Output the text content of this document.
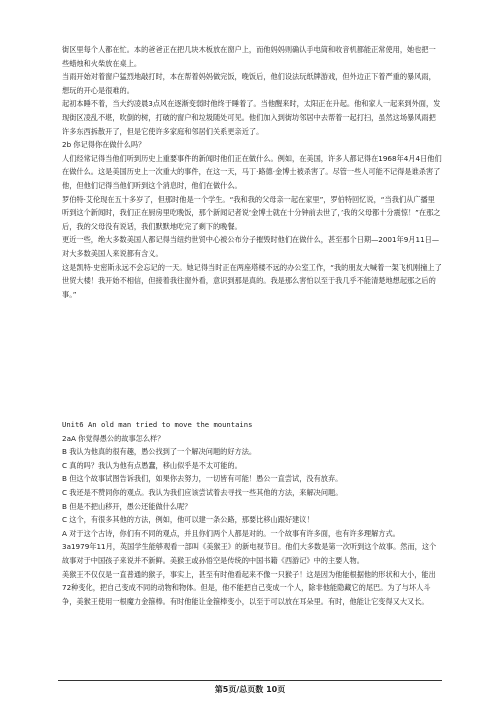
街区里每个人都在忙。本的爸爸正在把几块木板放在窗户上，而他妈妈则确认手电筒和收音机都能正常使用，她也把一些蜡烛和火柴放在桌上。

当雨开始对着窗户猛烈地敲打时，本在帮着妈妈做完饭，晚饭后，他们设法玩纸牌游戏，但外边正下着严重的暴风雨，想玩的开心是很难的。

起初本睡不着，当大约凌晨3点风在逐渐变弱时他终于睡着了。当他醒来时，太阳正在升起。他和家人一起来到外面，发现街区凌乱不堪，吹倒的树，打破的窗户和垃圾随处可见。他们加入到街坊邻居中去帮着一起打扫，虽然这场暴风雨把许多东西拆散开了，但是它使许多家庭和邻居们关系更亲近了。

2b 你记得你在做什么吗？

人们经常记得当他们听到历史上重要事件的新闻时他们正在做什么。例如，在美国，许多人都记得在1968年4月4日他们在做什么。这是美国历史上一次重大的事件，在这一天，马丁·路德·金博士被杀害了。尽管一些人可能不记得是谁杀害了他，但他们记得当他们听到这个消息时，他们在做什么。

罗伯特·艾伦现在五十多岁了，但那时他是一个学生。“我和我的父母亲一起在家里”，罗伯特回忆说，“当我们从广播里听到这个新闻时，我们正在厨房里吃晚饭，那个新闻记者说‘金博士就在十分钟前去世了，’我的父母都十分震惊！”在那之后，我的父母没有说话，我们默默地吃完了剩下的晚餐。

更近一些，绝大多数美国人都记得当纽约世贸中心被公布分子摧毁时他们在做什么，甚至那个日期—2001年9月11日—对大多数美国人来说都有含义。

这是凯特·史密斯永远不会忘记的一天。她记得当时正在两座塔楼不远的办公室工作，“我的朋友大喊着一架飞机刚撞上了世贸大楼！我开始不相信，但接着我往窗外看，意识到那是真的。我是那么害怕以至于我几乎不能清楚地想起那之后的事。”

Unit6 An old man tried to move the mountains

2aA 你觉得愚公的故事怎么样？

B 我认为他真的很有趣，愚公找到了一个解决问题的好方法。

C 真的吗？我认为他有点愚蠢，移山似乎是不太可能的。

B 但这个故事试图告诉我们，如果你去努力，一切皆有可能！愚公一直尝试，没有放弃。

C 我还是不赞同你的观点。我认为我们应该尝试着去寻找一些其他的方法，来解决问题。

B 但是不把山移开，愚公还能做什么呢？

C 这个，有很多其他的方法，例如，他可以建一条公路，那要比移山跟好建议！

A 对于这个古诗，你们有不同的观点，并且你们两个人都是对的。一个故事有许多面，也有许多理解方式。

3a1979年11月，英国学生能够观看一部叫《美猴王》的新电视节目。他们大多数是第一次听到这个故事。然而，这个故事对于中国孩子来说并不新鲜。美猴王或孙悟空是传统的中国书籍《西游记》中的主要人物。

美猴王不仅仅是一直普通的猴子，事实上，甚至有时他看起来不像一只猴子！这是因为他能根据他的形状和大小，能出72种变化，把自己变成不同的动物和物体。但是，他不能把自己变成一个人，除非他能隐藏它的尾巴。为了与坏人斗争，美猴王使用一根魔力金箍棒。有时他能让金箍棒变小，以至于可以放在耳朵里。有时，他能让它变得又大又长。

第5页/总页数 10页
